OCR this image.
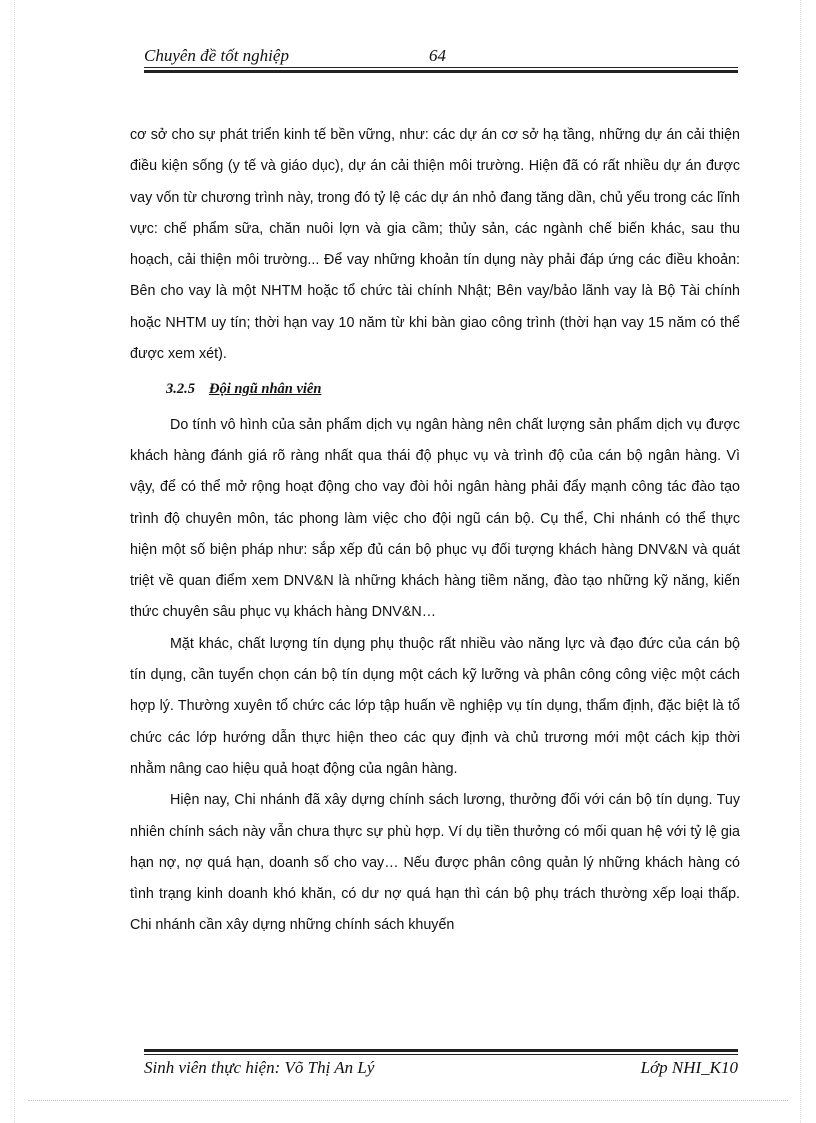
Chuyên đề tốt nghiệp	64

cơ sở cho sự phát triển kinh tế bền vững, như: các dự án cơ sở hạ tầng, những dự án cải thiện điều kiện sống (y tế và giáo dục), dự án cải thiện môi trường. Hiện đã có rất nhiều dự án được vay vốn từ chương trình này, trong đó tỷ lệ các dự án nhỏ đang tăng dần, chủ yếu trong các lĩnh vực: chế phẩm sữa, chăn nuôi lợn và gia cầm; thủy sản, các ngành chế biến khác, sau thu hoạch, cải thiện môi trường... Để vay những khoản tín dụng này phải đáp ứng các điều khoản: Bên cho vay là một NHTM hoặc tổ chức tài chính Nhật; Bên vay/bảo lãnh vay là Bộ Tài chính hoặc NHTM uy tín; thời hạn vay 10 năm từ khi bàn giao công trình (thời hạn vay 15 năm có thể được xem xét).

3.2.5 Đội ngũ nhân viên

Do tính vô hình của sản phẩm dịch vụ ngân hàng nên chất lượng sản phẩm dịch vụ được khách hàng đánh giá rõ ràng nhất qua thái độ phục vụ và trình độ của cán bộ ngân hàng. Vì vậy, để có thể mở rộng hoạt động cho vay đòi hỏi ngân hàng phải đẩy mạnh công tác đào tạo trình độ chuyên môn, tác phong làm việc cho đội ngũ cán bộ. Cụ thể, Chi nhánh có thể thực hiện một số biện pháp như: sắp xếp đủ cán bộ phục vụ đối tượng khách hàng DNV&N và quát triệt về quan điểm xem DNV&N là những khách hàng tiềm năng, đào tạo những kỹ năng, kiến thức chuyên sâu phục vụ khách hàng DNV&N…

Mặt khác, chất lượng tín dụng phụ thuộc rất nhiều vào năng lực và đạo đức của cán bộ tín dụng, cần tuyển chọn cán bộ tín dụng một cách kỹ lưỡng và phân công công việc một cách hợp lý. Thường xuyên tổ chức các lớp tập huấn về nghiệp vụ tín dụng, thẩm định, đặc biệt là tổ chức các lớp hướng dẫn thực hiện theo các quy định và chủ trương mới một cách kịp thời nhằm nâng cao hiệu quả hoạt động của ngân hàng.

Hiện nay, Chi nhánh đã xây dựng chính sách lương, thưởng đối với cán bộ tín dụng. Tuy nhiên chính sách này vẫn chưa thực sự phù hợp. Ví dụ tiền thưởng có mối quan hệ với tỷ lệ gia hạn nợ, nợ quá hạn, doanh số cho vay… Nếu được phân công quản lý những khách hàng có tình trạng kinh doanh khó khăn, có dư nợ quá hạn thì cán bộ phụ trách thường xếp loại thấp. Chi nhánh cần xây dựng những chính sách khuyến

Sinh viên thực hiện: Võ Thị An Lý	Lớp NHI_K10
